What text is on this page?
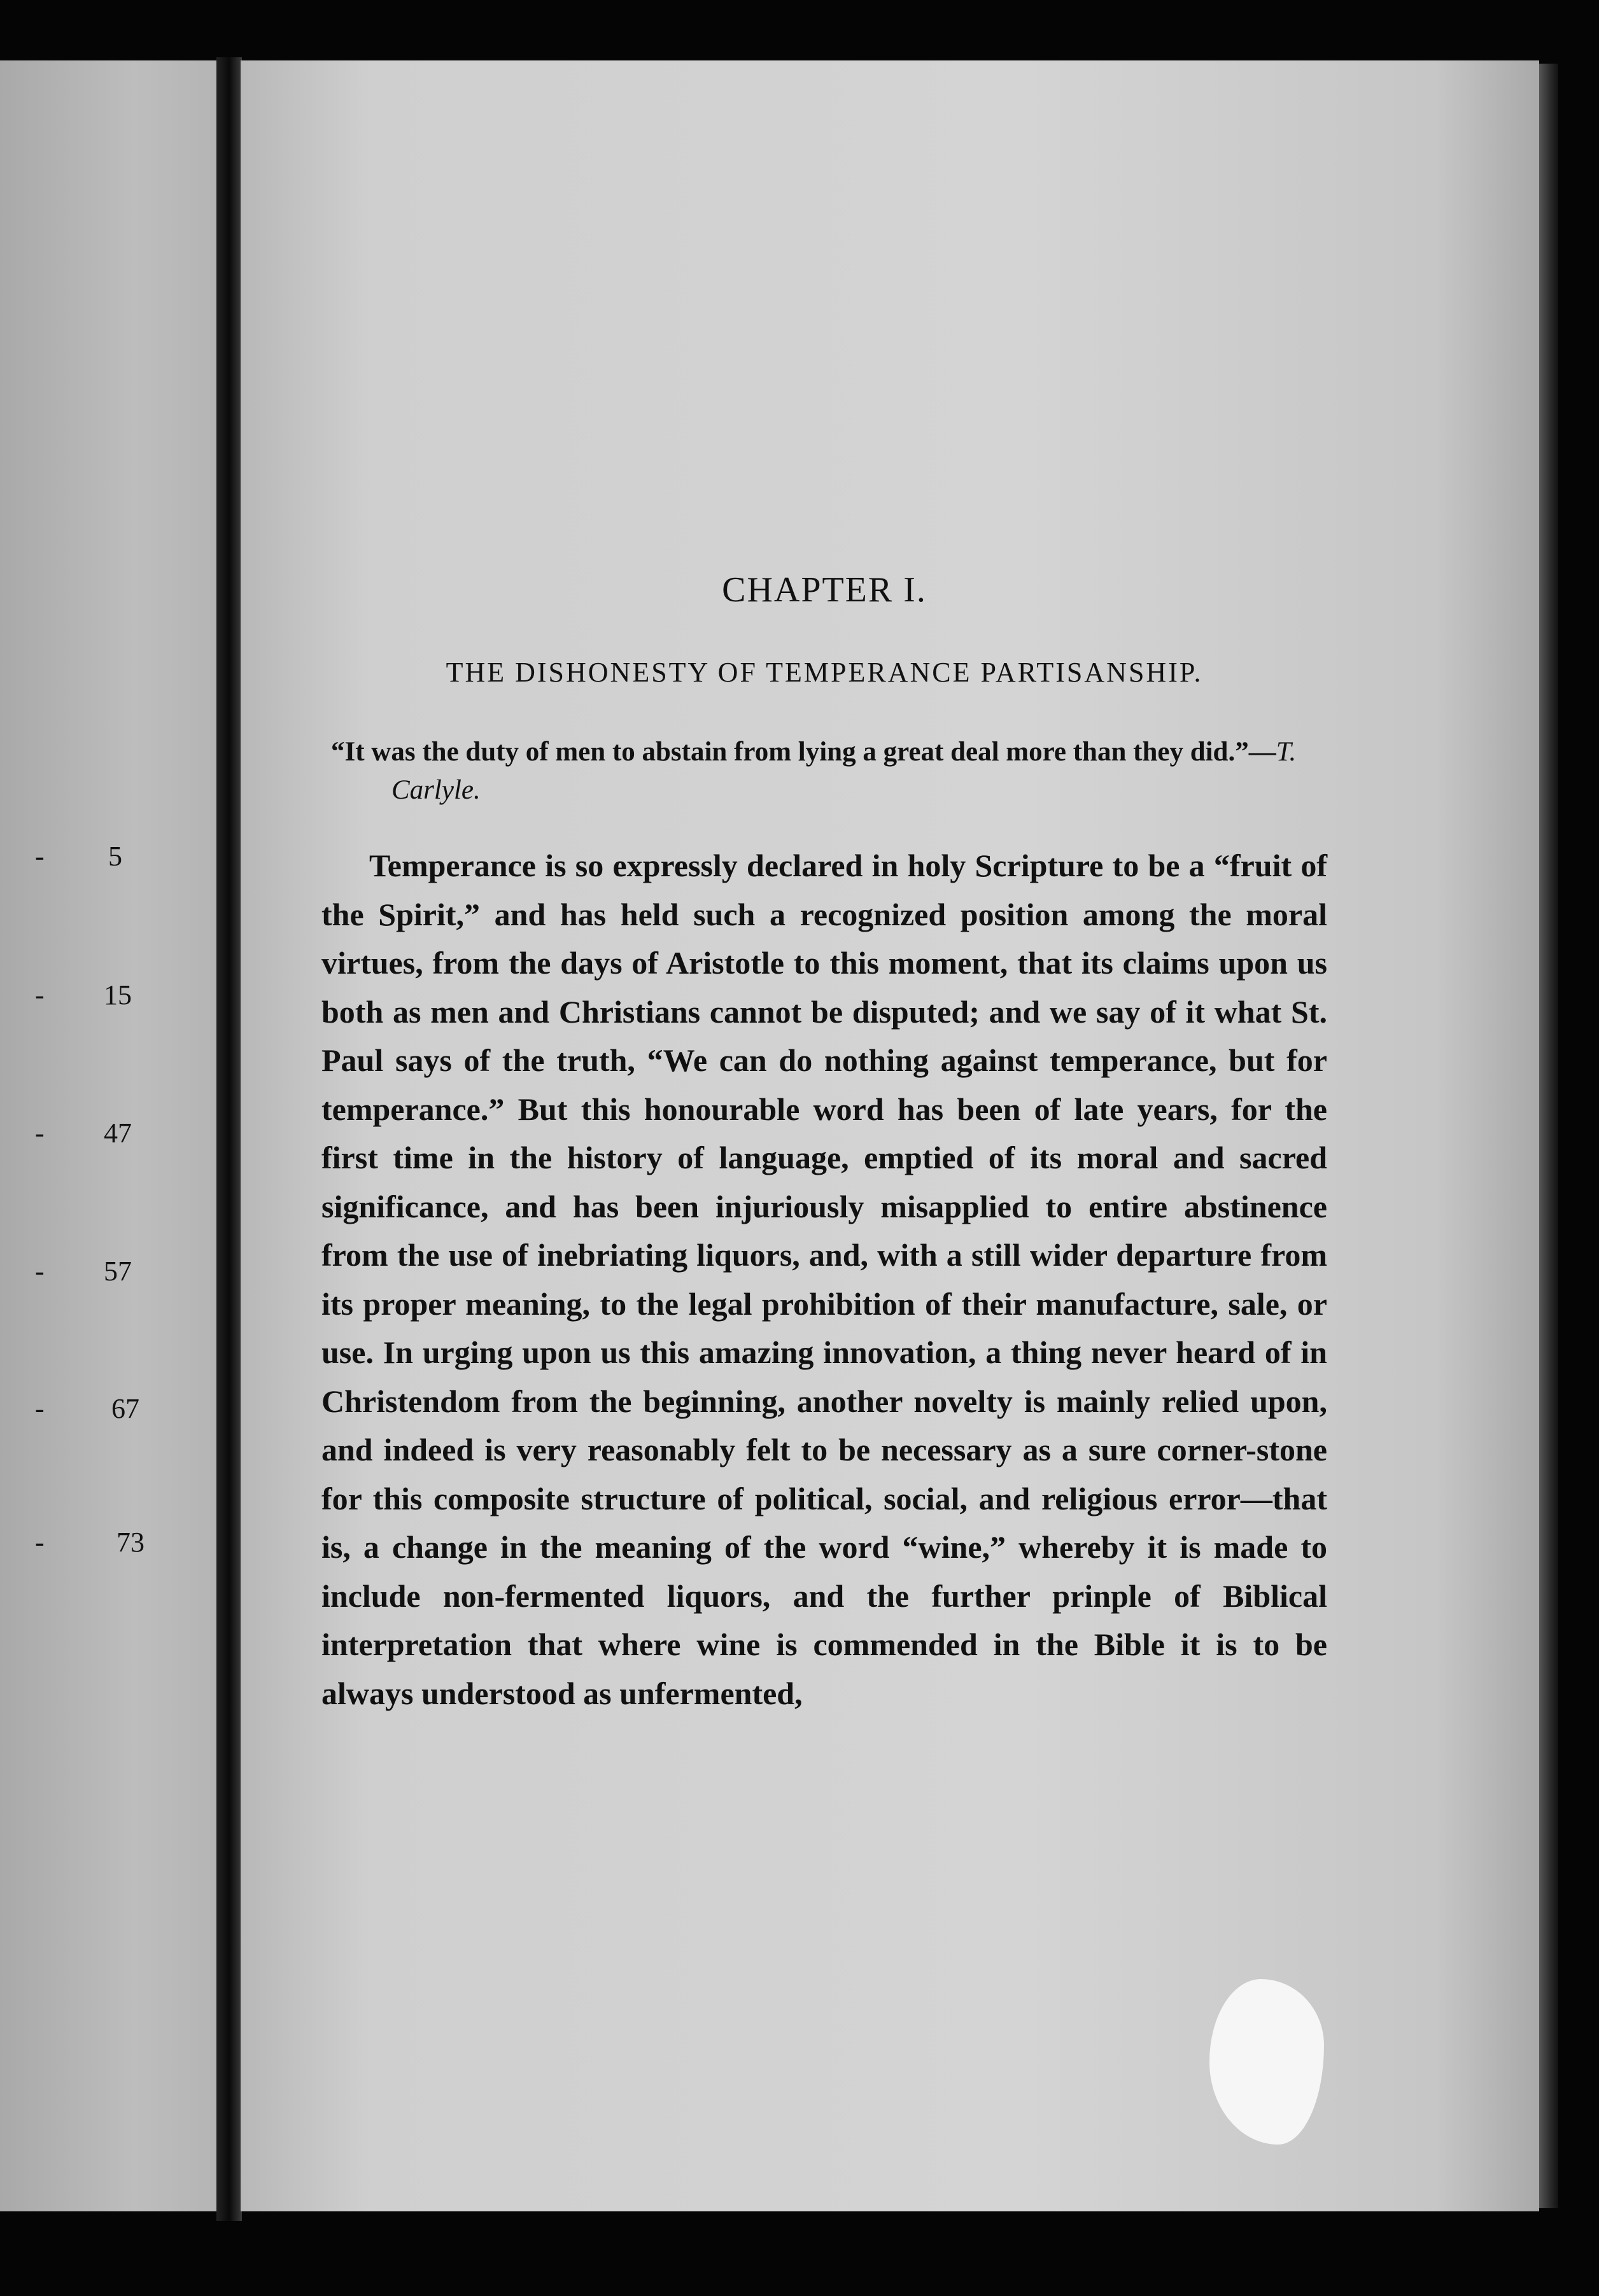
- 5
- 15
- 47
- 57
- 67
-	73
CHAPTER I.
THE DISHONESTY OF TEMPERANCE PARTISANSHIP.

“It was the duty of men to abstain from lying a great deal more than they did.”—T. Carlyle.

Temperance is so expressly declared in holy Scripture to be a “fruit of the Spirit,” and has held such a recognized position among the moral virtues, from the days of Aristotle to this moment, that its claims upon us both as men and Christians cannot be disputed; and we say of it what St. Paul says of the truth, “We can do nothing against temperance, but for temperance.” But this honourable word has been of late years, for the first time in the history of language, emptied of its moral and sacred significance, and has been injuriously misapplied to entire abstinence from the use of inebriating liquors, and, with a still wider departure from its proper meaning, to the legal prohibition of their manufacture, sale, or use. In urging upon us this amazing innovation, a thing never heard of in Christendom from the beginning, another novelty is mainly relied upon, and indeed is very reasonably felt to be necessary as a sure corner-stone for this composite structure of political, social, and religious error—that is, a change in the meaning of the word “wine,” whereby it is made to include non-fermented liquors, and the further prinple of Biblical interpretation that where wine is commended in the Bible it is to be always understood as unfermented,
